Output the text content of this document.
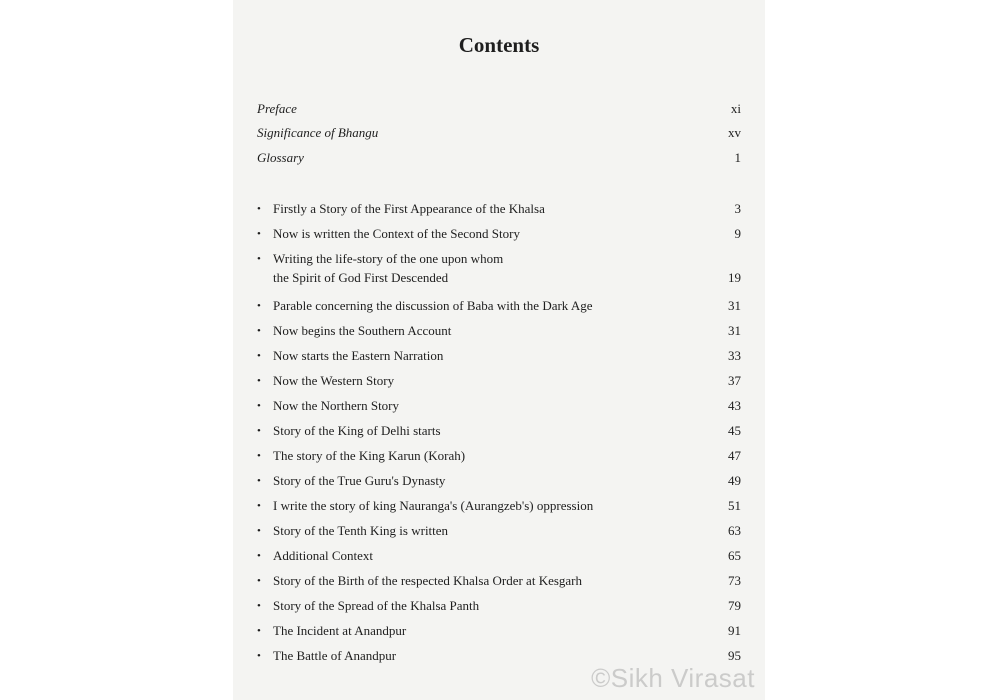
Contents
Preface	xi
Significance of Bhangu	xv
Glossary	1
• Firstly a Story of the First Appearance of the Khalsa	3
• Now is written the Context of the Second Story	9
• Writing the life-story of the one upon whom
the Spirit of God First Descended	19
• Parable concerning the discussion of Baba with the Dark Age	31
• Now begins the Southern Account	31
• Now starts the Eastern Narration	33
• Now the Western Story	37
• Now the Northern Story	43
• Story of the King of Delhi starts	45
• The story of the King Karun (Korah)	47
• Story of the True Guru's Dynasty	49
• I write the story of king Nauranga's (Aurangzeb's) oppression	51
• Story of the Tenth King is written	63
• Additional Context	65
• Story of the Birth of the respected Khalsa Order at Kesgarh	73
• Story of the Spread of the Khalsa Panth	79
• The Incident at Anandpur	91
• The Battle of Anandpur	95
©Sikh Virasat
